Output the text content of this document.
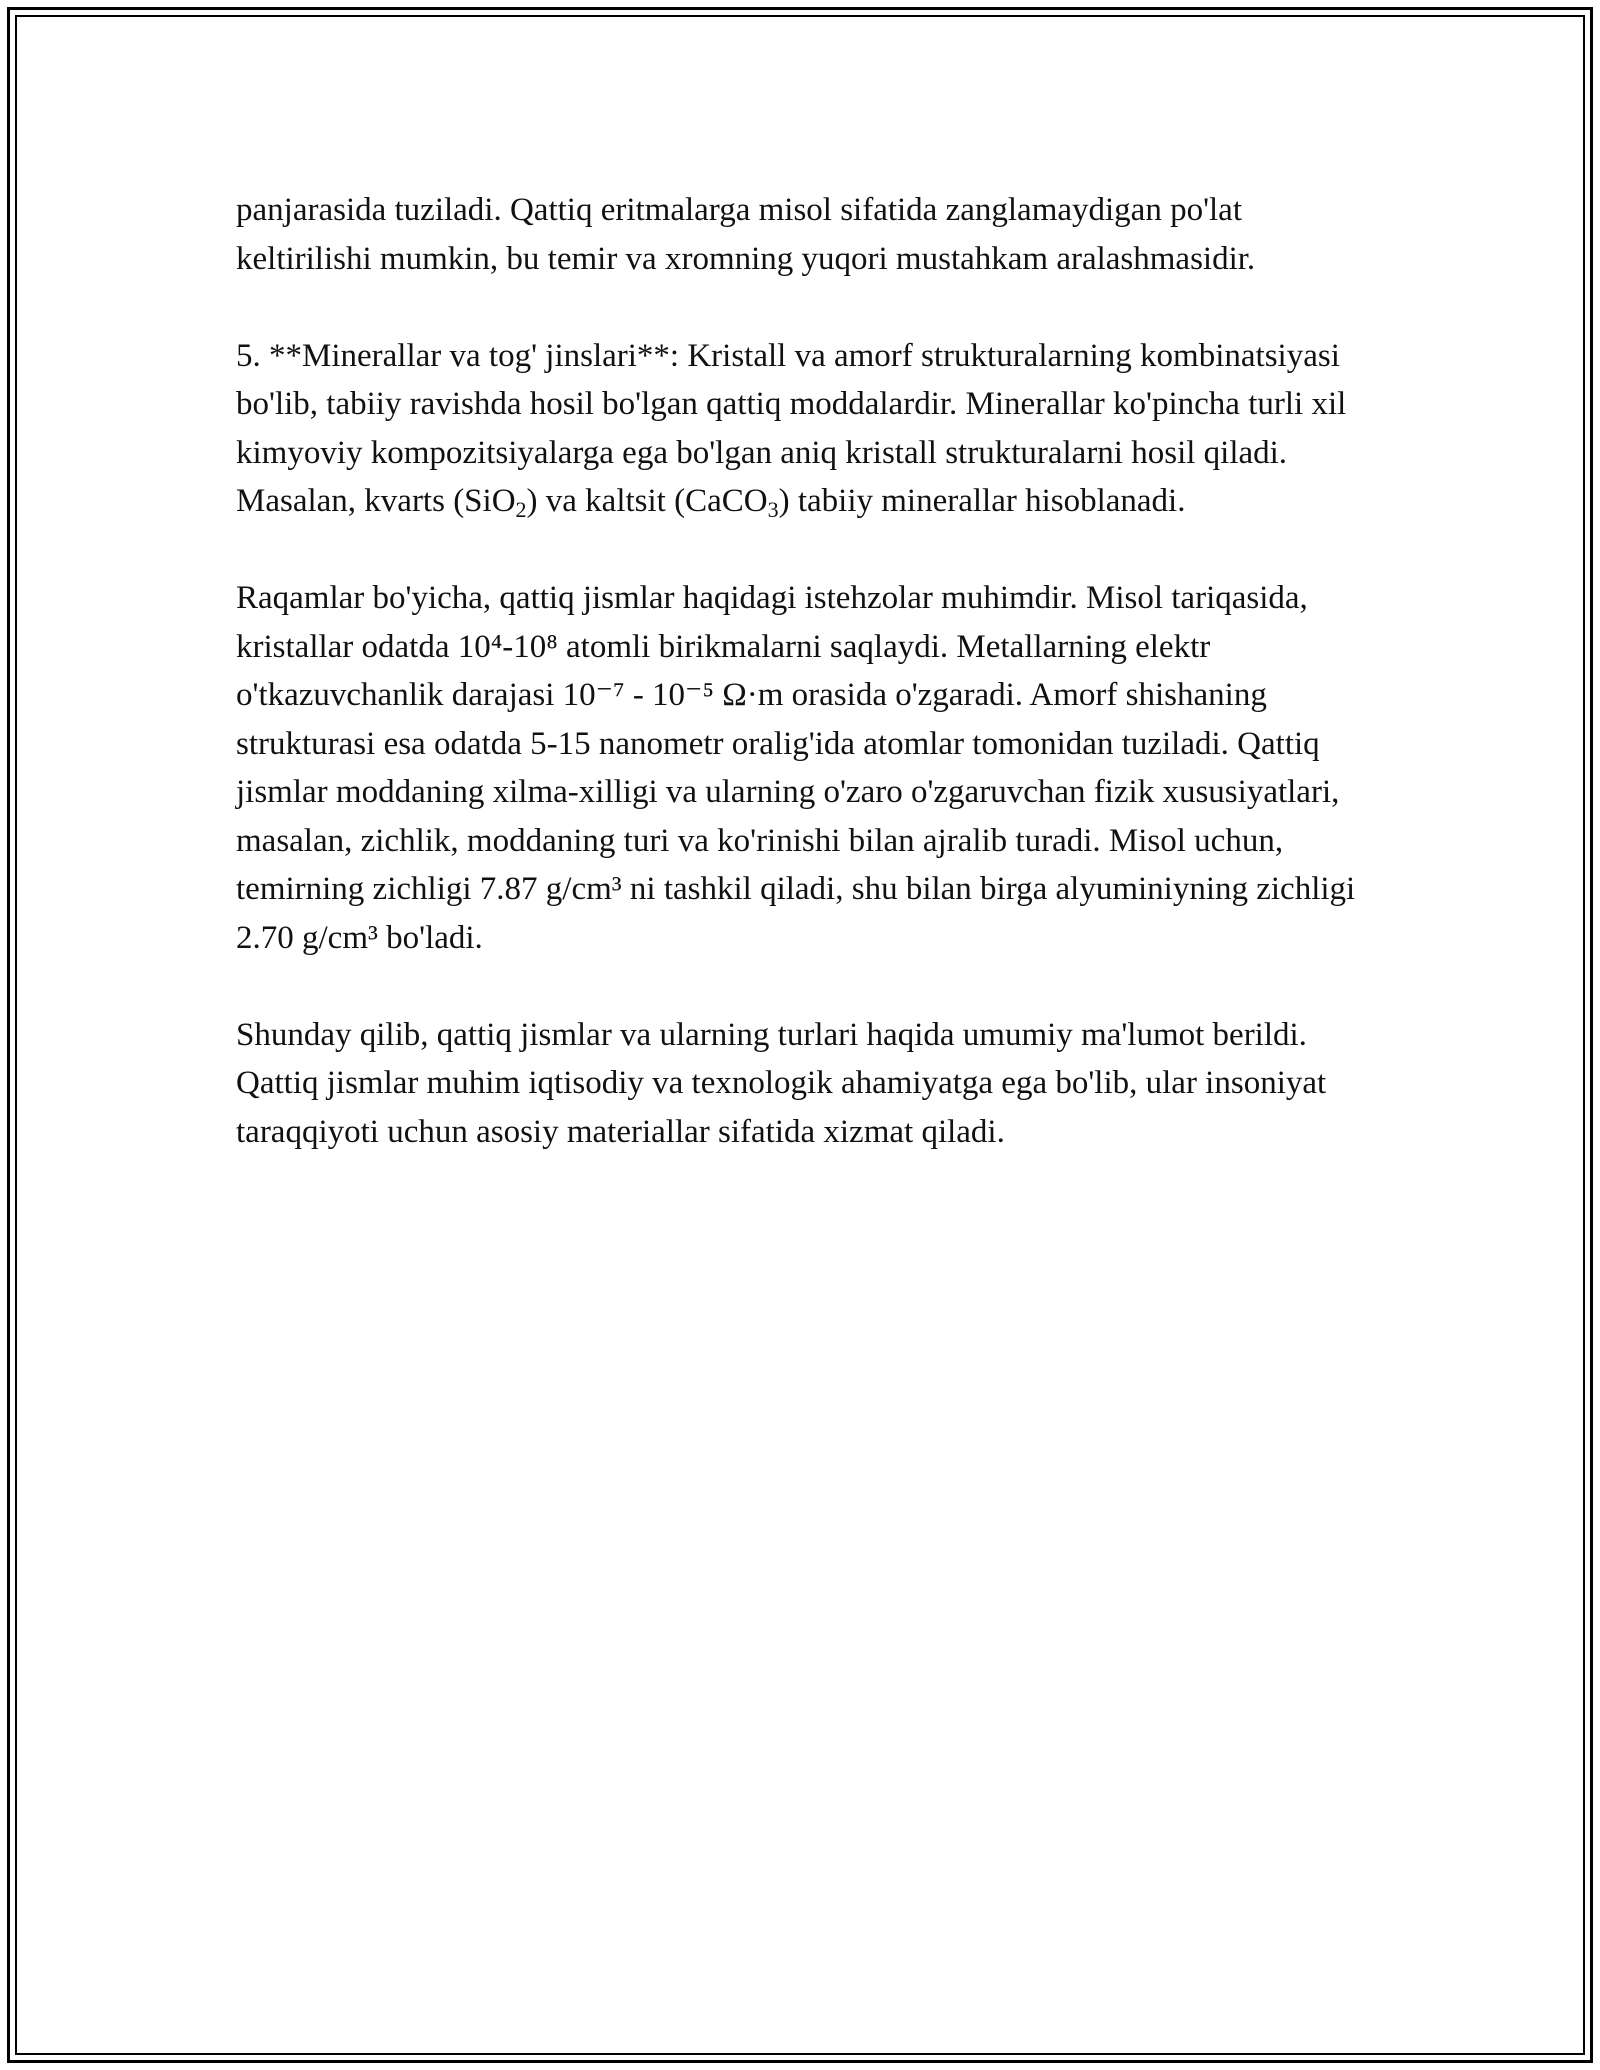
panjarasida tuziladi. Qattiq eritmalarga misol sifatida zanglamaydigan po'lat keltirilishi mumkin, bu temir va xromning yuqori mustahkam aralashmasidir.

5. **Minerallar va tog' jinslari**: Kristall va amorf strukturalarning kombinatsiyasi bo'lib, tabiiy ravishda hosil bo'lgan qattiq moddalardir. Minerallar ko'pincha turli xil kimyoviy kompozitsiyalarga ega bo'lgan aniq kristall strukturalarni hosil qiladi. Masalan, kvarts (SiO$_2$) va kaltsit (CaCO$_3$) tabiiy minerallar hisoblanadi.

Raqamlar bo'yicha, qattiq jismlar haqidagi istehzolar muhimdir. Misol tariqasida, kristallar odatda 10⁴-10⁸ atomli birikmalarni saqlaydi. Metallarning elektr o'tkazuvchanlik darajasi 10⁻⁷ - 10⁻⁵ Ω·m orasida o'zgaradi. Amorf shishaning strukturasi esa odatda 5-15 nanometr oralig'ida atomlar tomonidan tuziladi. Qattiq jismlar moddaning xilma-xilligi va ularning o'zaro o'zgaruvchan fizik xususiyatlari, masalan, zichlik, moddaning turi va ko'rinishi bilan ajralib turadi. Misol uchun, temirning zichligi 7.87 g/cm³ ni tashkil qiladi, shu bilan birga alyuminiyning zichligi 2.70 g/cm³ bo'ladi.

Shunday qilib, qattiq jismlar va ularning turlari haqida umumiy ma'lumot berildi. Qattiq jismlar muhim iqtisodiy va texnologik ahamiyatga ega bo'lib, ular insoniyat taraqqiyoti uchun asosiy materiallar sifatida xizmat qiladi.
